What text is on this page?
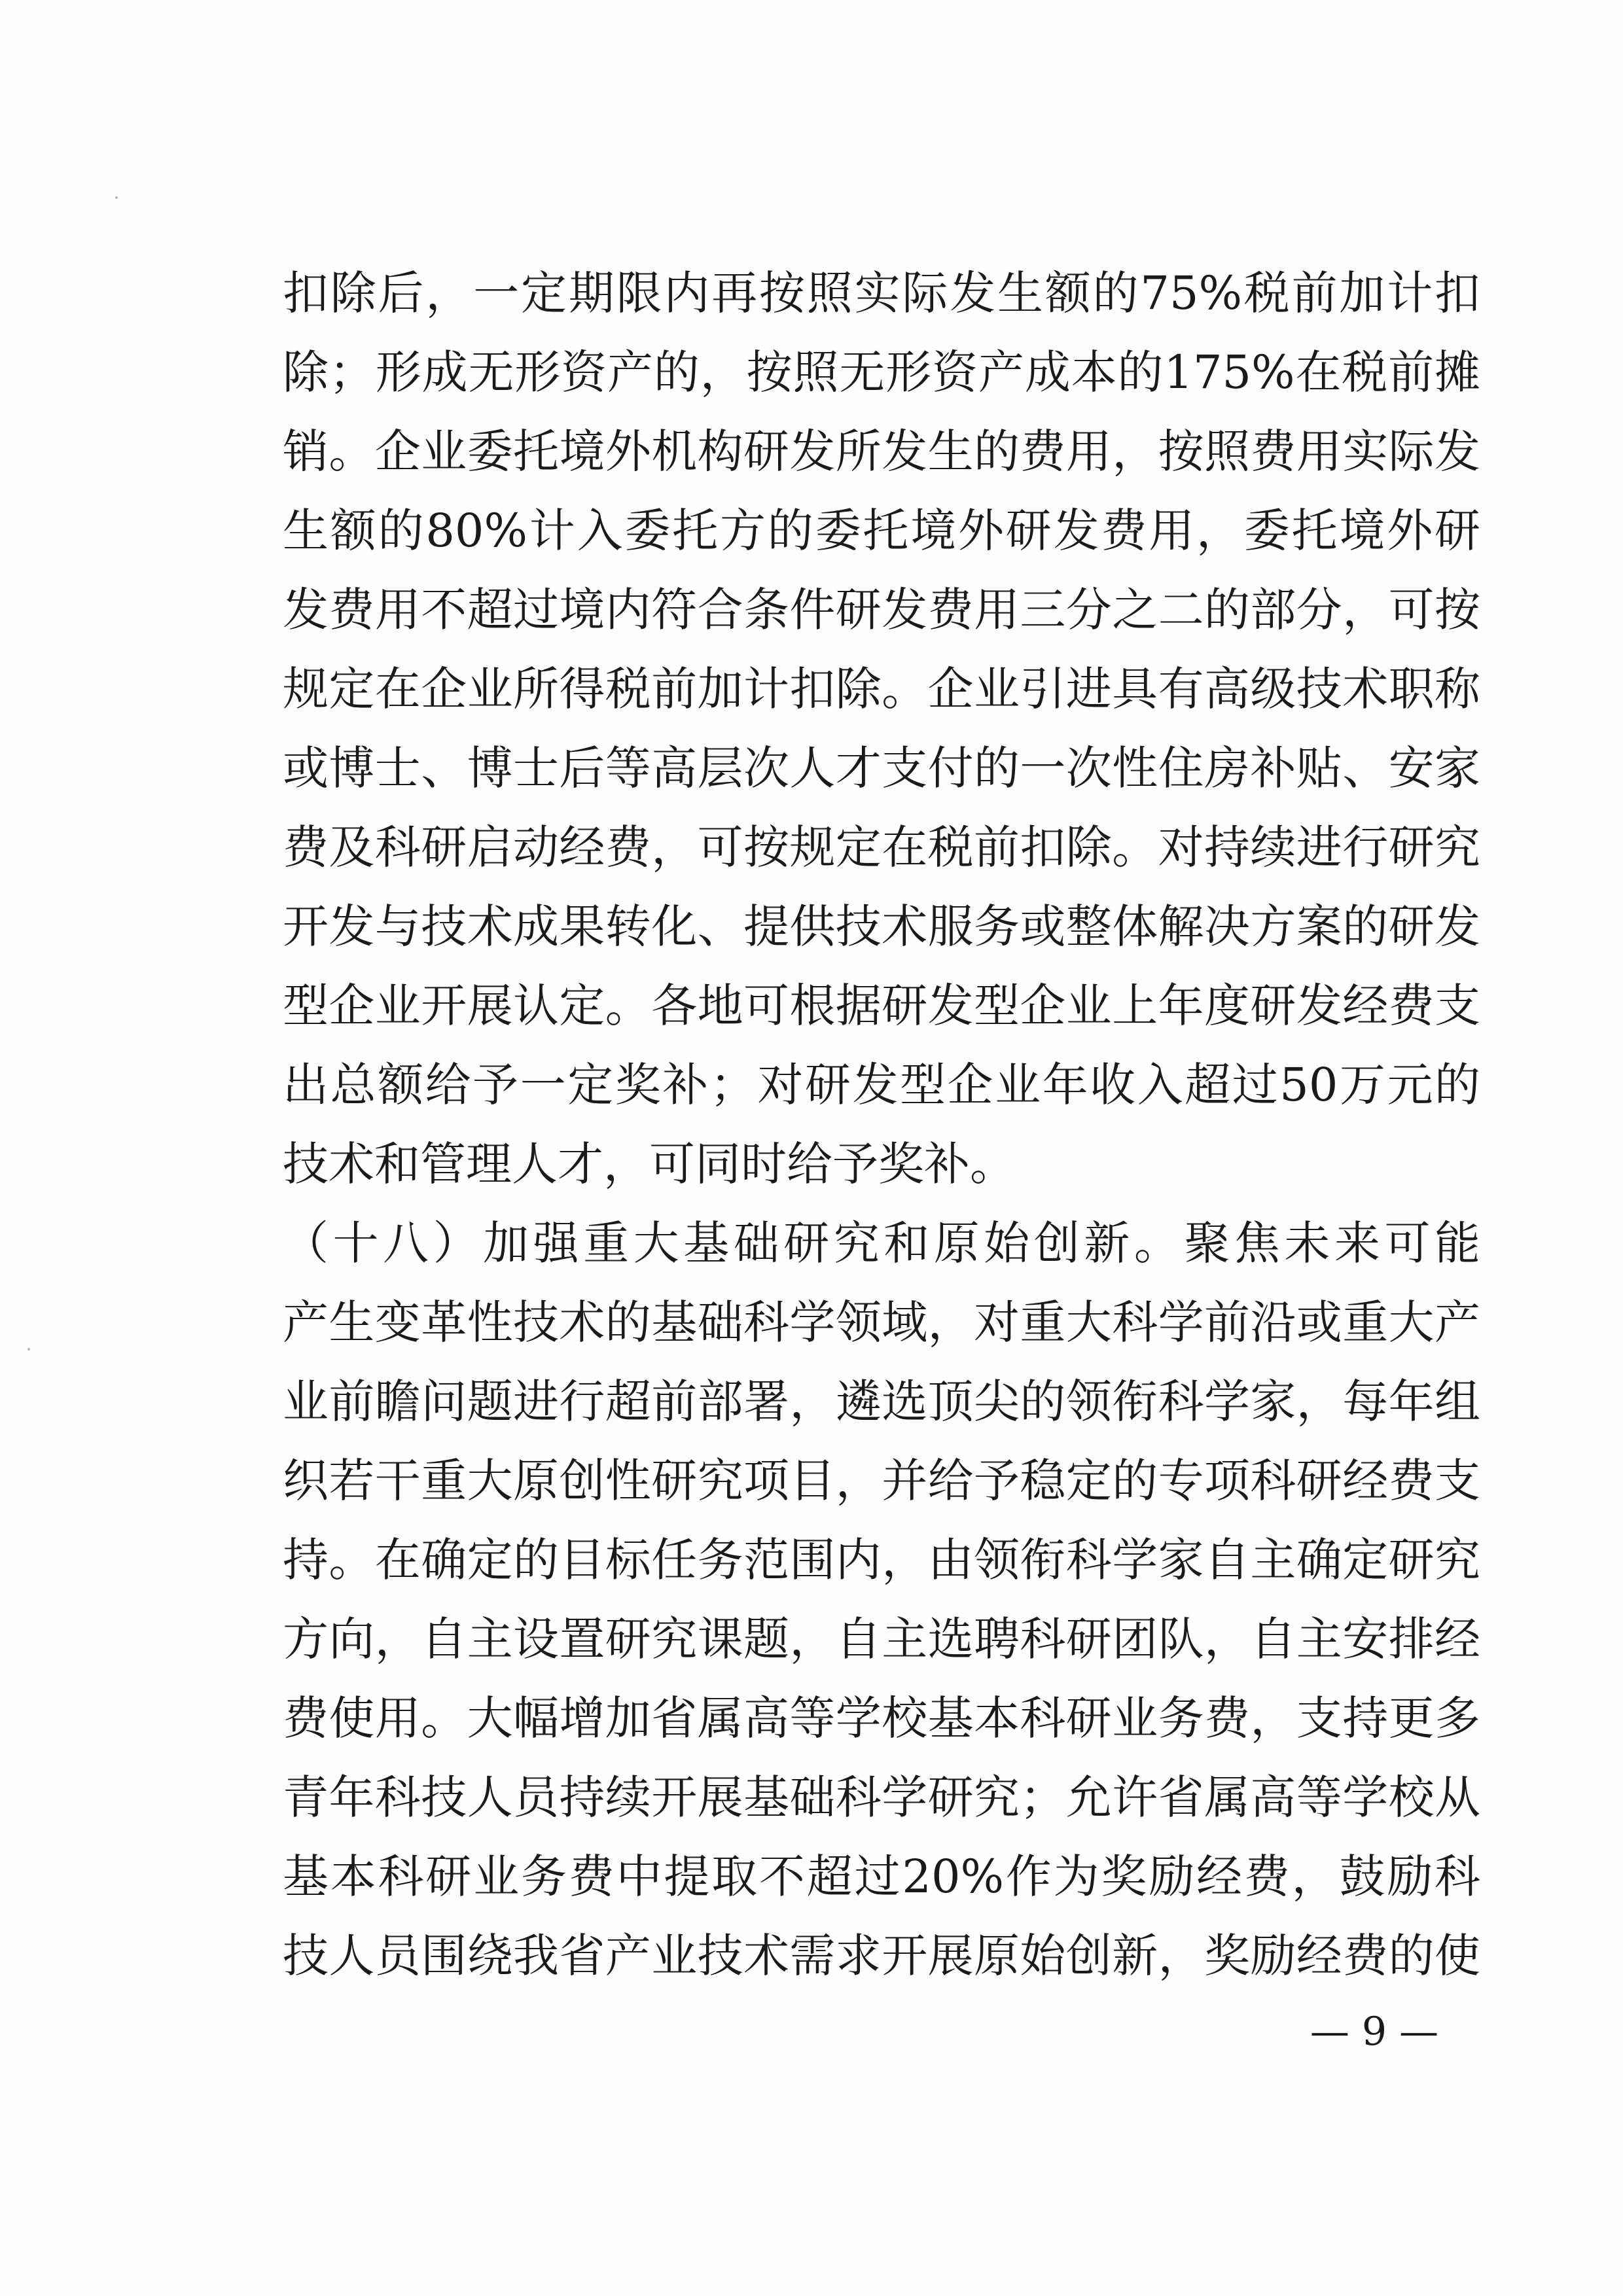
扣除后，一定期限内再按照实际发生额的75%税前加计扣
除；形成无形资产的，按照无形资产成本的175%在税前摊
销。企业委托境外机构研发所发生的费用，按照费用实际发
生额的80%计入委托方的委托境外研发费用，委托境外研
发费用不超过境内符合条件研发费用三分之二的部分，可按
规定在企业所得税前加计扣除。企业引进具有高级技术职称
或博士、博士后等高层次人才支付的一次性住房补贴、安家
费及科研启动经费，可按规定在税前扣除。对持续进行研究
开发与技术成果转化、提供技术服务或整体解决方案的研发
型企业开展认定。各地可根据研发型企业上年度研发经费支
出总额给予一定奖补；对研发型企业年收入超过50万元的
技术和管理人才，可同时给予奖补。
（十八）加强重大基础研究和原始创新。聚焦未来可能
产生变革性技术的基础科学领域，对重大科学前沿或重大产
业前瞻问题进行超前部署，遴选顶尖的领衔科学家，每年组
织若干重大原创性研究项目，并给予稳定的专项科研经费支
持。在确定的目标任务范围内，由领衔科学家自主确定研究
方向，自主设置研究课题，自主选聘科研团队，自主安排经
费使用。大幅增加省属高等学校基本科研业务费，支持更多
青年科技人员持续开展基础科学研究；允许省属高等学校从
基本科研业务费中提取不超过20%作为奖励经费，鼓励科
技人员围绕我省产业技术需求开展原始创新，奖励经费的使
— 9 —
